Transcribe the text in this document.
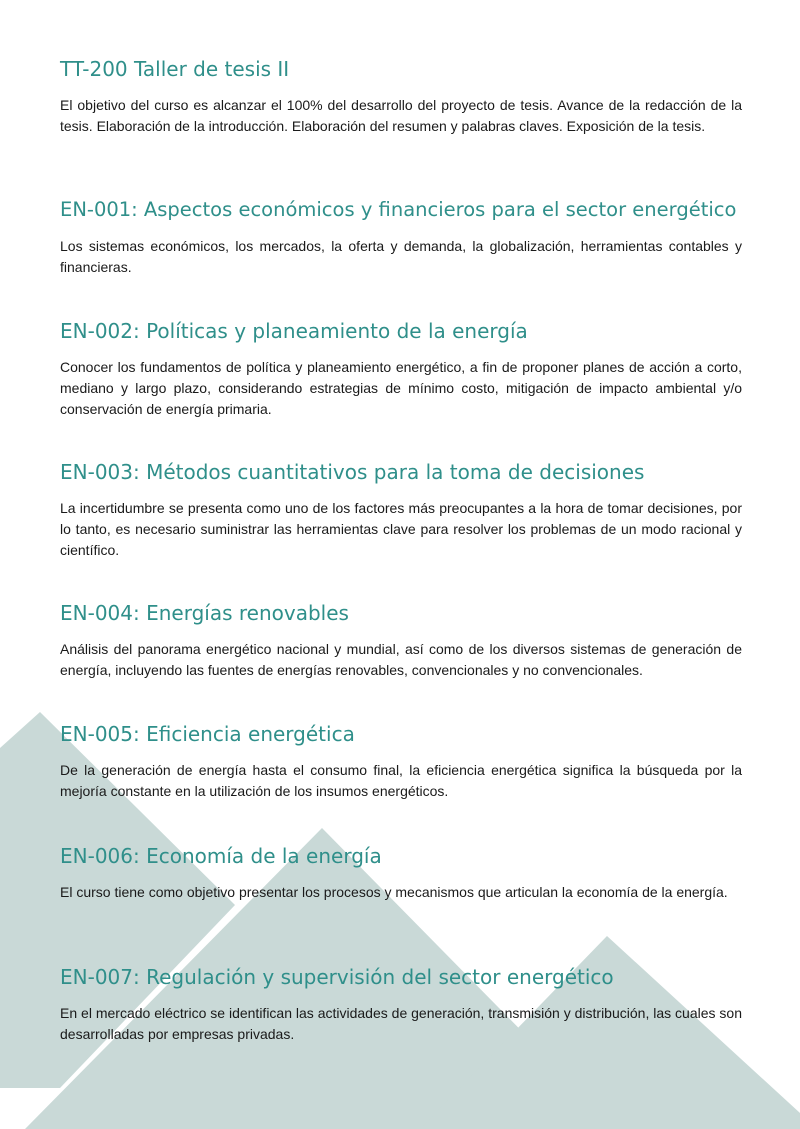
TT-200 Taller de tesis II

El objetivo del curso es alcanzar el 100% del desarrollo del proyecto de tesis. Avance de la redacción de la tesis. Elaboración de la introducción. Elaboración del resumen y palabras claves. Exposición de la tesis.

EN-001: Aspectos económicos y financieros para el sector energético

Los sistemas económicos, los mercados, la oferta y demanda, la globalización, herramientas contables y financieras.

EN-002: Políticas y planeamiento de la energía

Conocer los fundamentos de política y planeamiento energético, a fin de proponer planes de acción a corto, mediano y largo plazo, considerando estrategias de mínimo costo, mitigación de impacto ambiental y/o conservación de energía primaria.

EN-003: Métodos cuantitativos para la toma de decisiones

La incertidumbre se presenta como uno de los factores más preocupantes a la hora de tomar decisiones, por lo tanto, es necesario suministrar las herramientas clave para resolver los problemas de un modo racional y científico.

EN-004: Energías renovables

Análisis del panorama energético nacional y mundial, así como de los diversos sistemas de generación de energía, incluyendo las fuentes de energías renovables, convencionales y no convencionales.

EN-005: Eficiencia energética

De la generación de energía hasta el consumo final, la eficiencia energética significa la búsqueda por la mejoría constante en la utilización de los insumos energéticos.

EN-006: Economía de la energía

El curso tiene como objetivo presentar los procesos y mecanismos que articulan la economía de la energía.

EN-007: Regulación y supervisión del sector energético

En el mercado eléctrico se identifican las actividades de generación, transmisión y distribución, las cuales son desarrolladas por empresas privadas.
